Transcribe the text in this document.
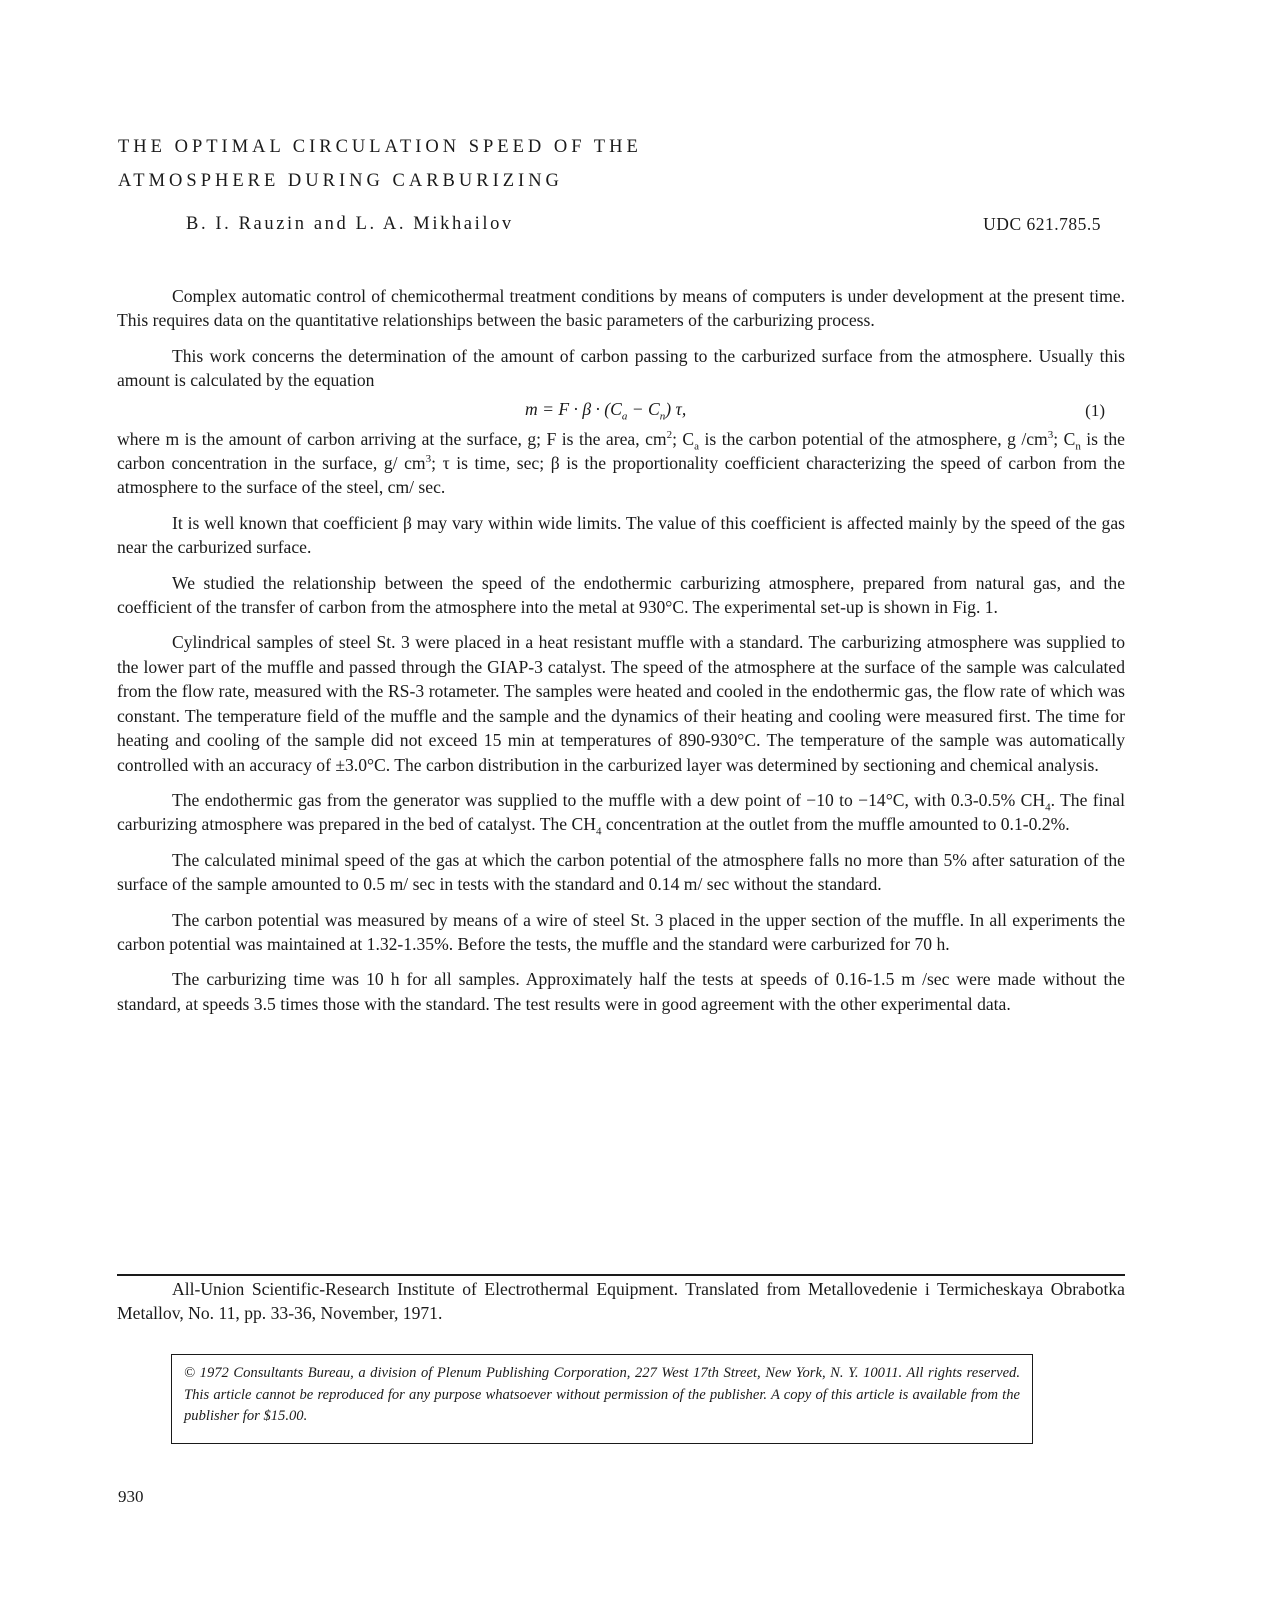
THE OPTIMAL CIRCULATION SPEED OF THE
ATMOSPHERE DURING CARBURIZING
B. I. Rauzin and L. A. Mikhailov	UDC 621.785.5

Complex automatic control of chemicothermal treatment conditions by means of computers is under development at the present time. This requires data on the quantitative relationships between the basic parameters of the carburizing process.

This work concerns the determination of the amount of carbon passing to the carburized surface from the atmosphere. Usually this amount is calculated by the equation

$m = F \cdot \beta \cdot (C_a - C_n)$ τ,	(1)

where m is the amount of carbon arriving at the surface, g; F is the area, $cm^2$; $C_a$ is the carbon potential of the atmosphere, g $/cm^3$; $C_n$ is the carbon concentration in the surface, g/ $cm^3$; τ is time, sec; β is the proportionality coefficient characterizing the speed of carbon from the atmosphere to the surface of the steel, cm/ sec.

It is well known that coefficient β may vary within wide limits. The value of this coefficient is affected mainly by the speed of the gas near the carburized surface.

We studied the relationship between the speed of the endothermic carburizing atmosphere, prepared from natural gas, and the coefficient of the transfer of carbon from the atmosphere into the metal at 930°C. The experimental set-up is shown in Fig. 1.

Cylindrical samples of steel St. 3 were placed in a heat resistant muffle with a standard. The carburizing atmosphere was supplied to the lower part of the muffle and passed through the GIAP-3 catalyst. The speed of the atmosphere at the surface of the sample was calculated from the flow rate, measured with the RS-3 rotameter. The samples were heated and cooled in the endothermic gas, the flow rate of which was constant. The temperature field of the muffle and the sample and the dynamics of their heating and cooling were measured first. The time for heating and cooling of the sample did not exceed 15 min at temperatures of 890-930°C. The temperature of the sample was automatically controlled with an accuracy of ±3.0°C. The carbon distribution in the carburized layer was determined by sectioning and chemical analysis.

The endothermic gas from the generator was supplied to the muffle with a dew point of −10 to −14°C, with 0.3-0.5% $CH_4$. The final carburizing atmosphere was prepared in the bed of catalyst. The $CH_4$ concentration at the outlet from the muffle amounted to 0.1-0.2%.

The calculated minimal speed of the gas at which the carbon potential of the atmosphere falls no more than 5% after saturation of the surface of the sample amounted to 0.5 m/ sec in tests with the standard and 0.14 m/ sec without the standard.

The carbon potential was measured by means of a wire of steel St. 3 placed in the upper section of the muffle. In all experiments the carbon potential was maintained at 1.32-1.35%. Before the tests, the muffle and the standard were carburized for 70 h.

The carburizing time was 10 h for all samples. Approximately half the tests at speeds of 0.16-1.5 m /sec were made without the standard, at speeds 3.5 times those with the standard. The test results were in good agreement with the other experimental data.

All-Union Scientific-Research Institute of Electrothermal Equipment. Translated from Metallovedenie i Termicheskaya Obrabotka Metallov, No. 11, pp. 33-36, November, 1971.

© 1972 Consultants Bureau, a division of Plenum Publishing Corporation, 227 West 17th Street, New York, N. Y. 10011. All rights reserved. This article cannot be reproduced for any purpose whatsoever without permission of the publisher. A copy of this article is available from the publisher for $15.00.
930
